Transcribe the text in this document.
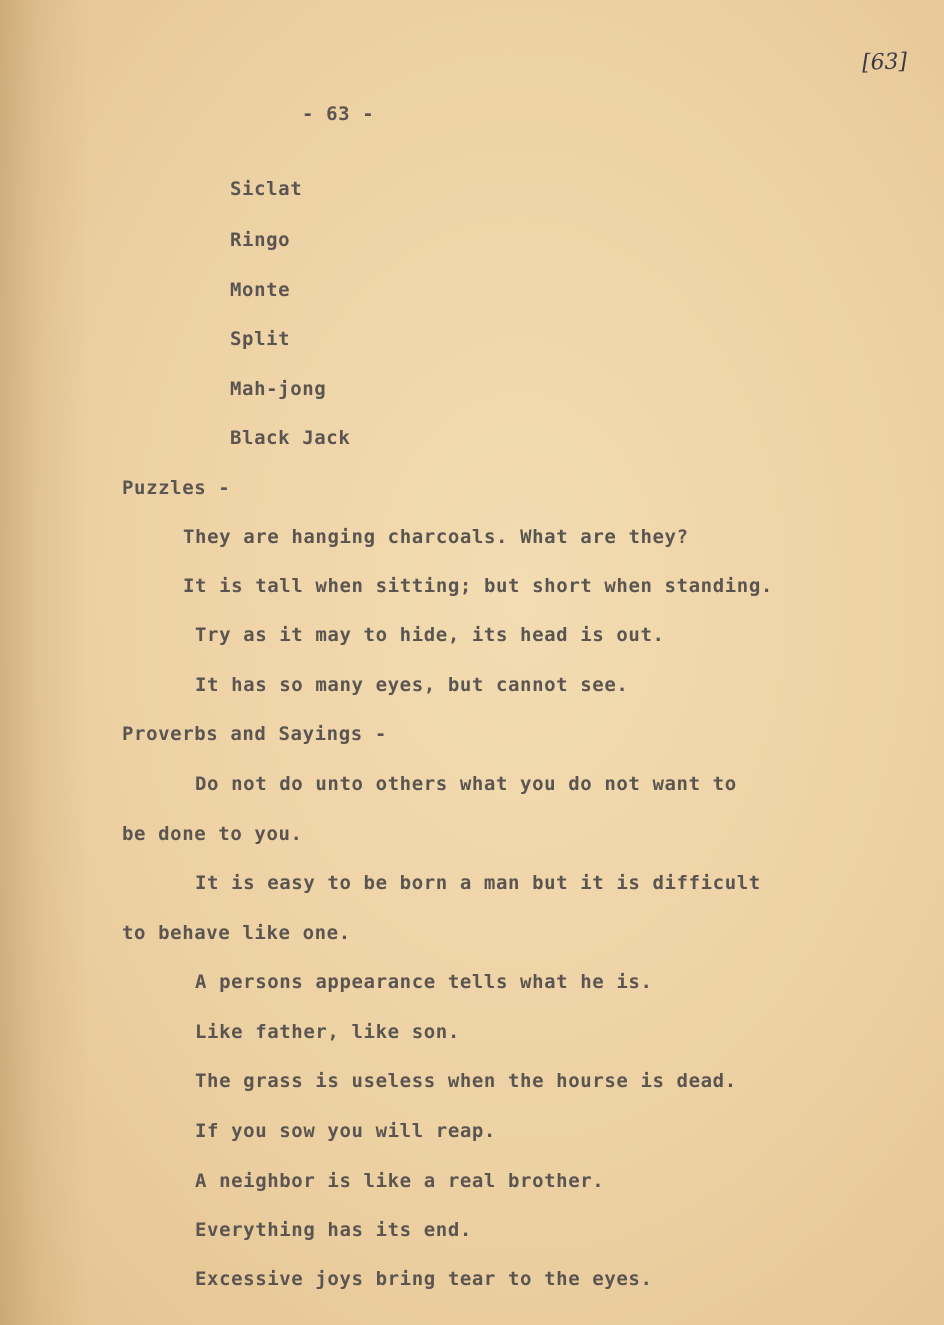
[63]
- 63 -
Siclat
Ringo
Monte
Split
Mah-jong
Black Jack
Puzzles -
They are hanging charcoals. What are they?
It is tall when sitting; but short when standing.
Try as it may to hide, its head is out.
It has so many eyes, but cannot see.
Proverbs and Sayings -
Do not do unto others what you do not want to
be done to you.
It is easy to be born a man but it is difficult
to behave like one.
A persons appearance tells what he is.
Like father, like son.
The grass is useless when the hourse is dead.
If you sow you will reap.
A neighbor is like a real brother.
Everything has its end.
Excessive joys bring tear to the eyes.
